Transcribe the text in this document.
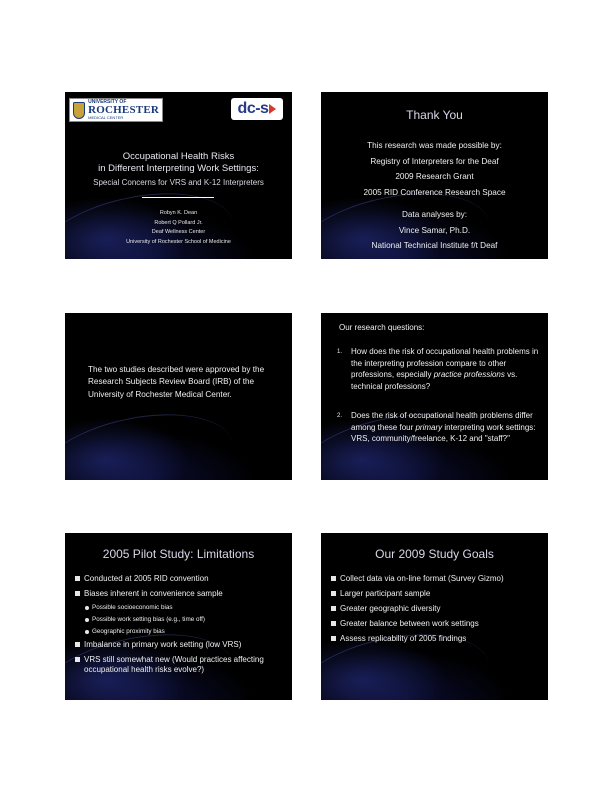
UNIVERSITY OF
ROCHESTER
MEDICAL CENTER
dc-s
Occupational Health Risks
in Different Interpreting Work Settings:
Special Concerns for VRS and K-12 Interpreters
Robyn K. Dean
Robert Q Pollard Jr.
Deaf Wellness Center
University of Rochester School of Medicine
Thank You
This research was made possible by:
Registry of Interpreters for the Deaf
2009 Research Grant
2005 RID Conference Research Space
Data analyses by:
Vince Samar, Ph.D.
National Technical Institute f/t Deaf
The two studies described were approved by the Research Subjects Review Board (IRB) of the University of Rochester Medical Center.
Our research questions:
1.	How does the risk of occupational health problems in the interpreting profession compare to other professions, especially practice professions vs. technical professions?
2.	Does the risk of occupational health problems differ among these four primary interpreting work settings: VRS, community/freelance, K-12 and "staff?"
2005 Pilot Study: Limitations
Conducted at 2005 RID convention
Biases inherent in convenience sample
Possible socioeconomic bias
Possible work setting bias (e.g., time off)
Geographic proximity bias
Imbalance in primary work setting (low VRS)
VRS still somewhat new (Would practices affecting occupational health risks evolve?)
Our 2009 Study Goals
Collect data via on-line format (Survey Gizmo)
Larger participant sample
Greater geographic diversity
Greater balance between work settings
Assess replicability of 2005 findings
